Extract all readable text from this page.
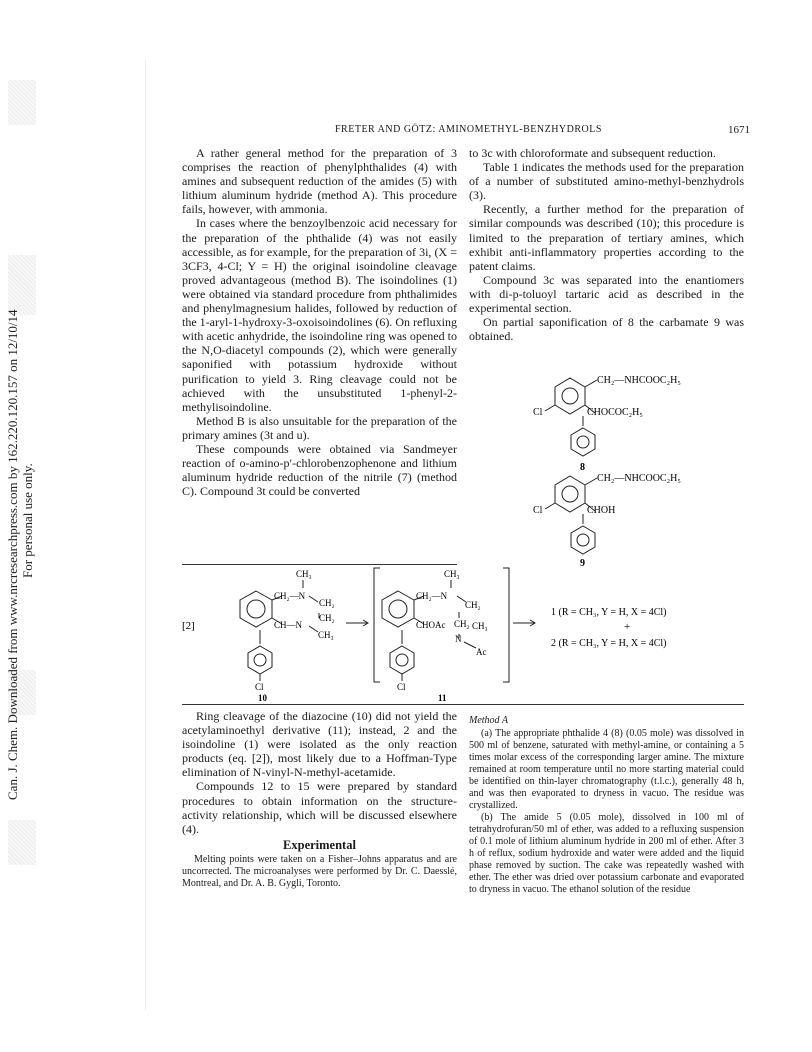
Can. J. Chem. Downloaded from www.nrcresearchpress.com by 162.220.120.157 on 12/10/14 For personal use only.
FRETER AND GÖTZ: AMINOMETHYL-BENZHYDROLS	1671

A rather general method for the preparation of 3 comprises the reaction of phenylphthalides (4) with amines and subsequent reduction of the amides (5) with lithium aluminum hydride (method A). This procedure fails, however, with ammonia.

In cases where the benzoylbenzoic acid necessary for the preparation of the phthalide (4) was not easily accessible, as for example, for the preparation of 3i, (X = 3CF3, 4-Cl; Y = H) the original isoindoline cleavage proved advantageous (method B). The isoindolines (1) were obtained via standard procedure from phthalimides and phenylmagnesium halides, followed by reduction of the 1-aryl-1-hydroxy-3-oxoisoindolines (6). On refluxing with acetic anhydride, the isoindoline ring was opened to the N,O-diacetyl compounds (2), which were generally saponified with potassium hydroxide without purification to yield 3. Ring cleavage could not be achieved with the unsubstituted 1-phenyl-2-methylisoindoline.

Method B is also unsuitable for the preparation of the primary amines (3t and u).

These compounds were obtained via Sandmeyer reaction of o-amino-p′-chlorobenzophenone and lithium aluminum hydride reduction of the nitrile (7) (method C). Compound 3t could be converted

to 3c with chloroformate and subsequent reduction.

Table 1 indicates the methods used for the preparation of a number of substituted amino-methyl-benzhydrols (3).

Recently, a further method for the preparation of similar compounds was described (10); this procedure is limited to the preparation of tertiary amines, which exhibit anti-inflammatory properties according to the patent claims.

Compound 3c was separated into the enantiomers with di-p-toluoyl tartaric acid as described in the experimental section.

On partial saponification of 8 the carbamate 9 was obtained.

CH₂—NHCOOC₂H₅
CHOCOC₂H₅
Cl
8
CH₂—NHCOOC₂H₅
CHOH
Cl
9
[2]
CH₃
CH₂—N
CH₂
CH₂
CH—N
CH₃
Cl
10
CH₃
CH₂—N
CH₂
CHOAc CH₂ CH₃
N
Ac
Cl
11
1 (R = CH₃, Y = H, X = 4Cl)
+
2 (R = CH₃, Y = H, X = 4Cl)

Ring cleavage of the diazocine (10) did not yield the acetylaminoethyl derivative (11); instead, 2 and the isoindoline (1) were isolated as the only reaction products (eq. [2]), most likely due to a Hoffman-Type elimination of N-vinyl-N-methyl-acetamide.

Compounds 12 to 15 were prepared by standard procedures to obtain information on the structure-activity relationship, which will be discussed elsewhere (4).

Experimental

Melting points were taken on a Fisher–Johns apparatus and are uncorrected. The microanalyses were performed by Dr. C. Daesslé, Montreal, and Dr. A. B. Gygli, Toronto.

Method A

(a) The appropriate phthalide 4 (8) (0.05 mole) was dissolved in 500 ml of benzene, saturated with methyl-amine, or containing a 5 times molar excess of the corresponding larger amine. The mixture remained at room temperature until no more starting material could be identified on thin-layer chromatography (t.l.c.), generally 48 h, and was then evaporated to dryness in vacuo. The residue was crystallized.

(b) The amide 5 (0.05 mole), dissolved in 100 ml of tetrahydrofuran/50 ml of ether, was added to a refluxing suspension of 0.1 mole of lithium aluminum hydride in 200 ml of ether. After 3 h of reflux, sodium hydroxide and water were added and the liquid phase removed by suction. The cake was repeatedly washed with ether. The ether was dried over potassium carbonate and evaporated to dryness in vacuo. The ethanol solution of the residue
